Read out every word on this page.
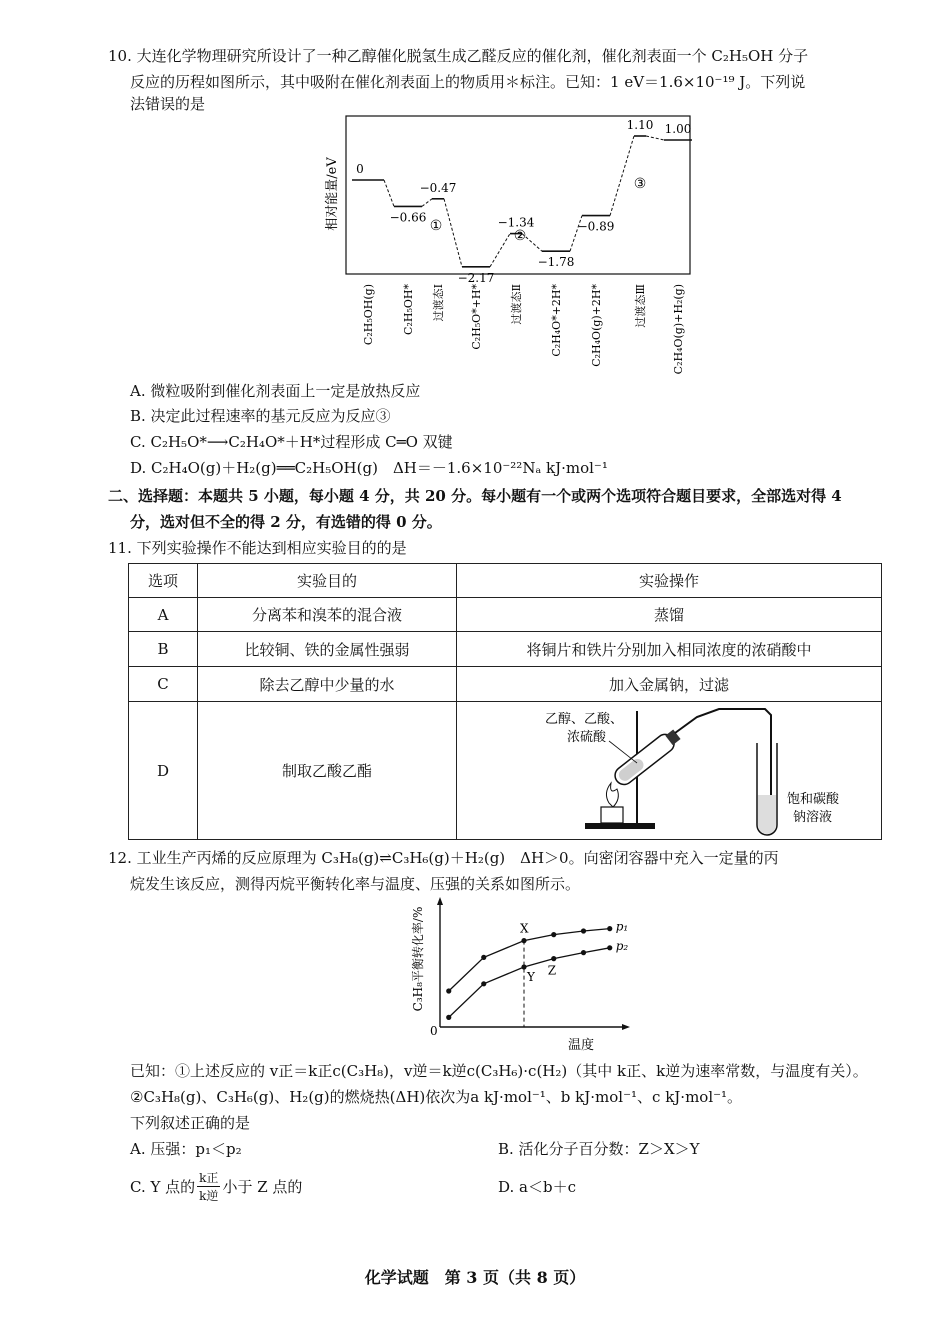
10. 大连化学物理研究所设计了一种乙醇催化脱氢生成乙醛反应的催化剂，催化剂表面一个 C₂H₅OH 分子
反应的历程如图所示，其中吸附在催化剂表面上的物质用＊标注。已知：1 eV＝1.6×10⁻¹⁹ J。下列说
法错误的是
相对能量/eV 0
−0.66
−0.47
−2.17
−1.34
−1.78
−0.89
1.10 1.00
①
②
③
C₂H₅OH(g) C₂H₅OH* 过渡态Ⅰ C₂H₅O*+H* 过渡态Ⅱ C₂H₄O*+2H* C₂H₄O(g)+2H*	过渡态Ⅲ C₂H₄O(g)+H₂(g)
A. 微粒吸附到催化剂表面上一定是放热反应
B. 决定此过程速率的基元反应为反应③
C. C₂H₅O*⟶C₂H₄O*＋H*过程形成 C═O 双键
D. C₂H₄O(g)＋H₂(g)══C₂H₅OH(g)　ΔH＝－1.6×10⁻²²Nₐ kJ·mol⁻¹
二、选择题：本题共 5 小题，每小题 4 分，共 20 分。每小题有一个或两个选项符合题目要求，全部选对得 4
分，选对但不全的得 2 分，有选错的得 0 分。
11. 下列实验操作不能达到相应实验目的的是
选项	实验目的	实验操作
A	分离苯和溴苯的混合液	蒸馏
B	比较铜、铁的金属性强弱	将铜片和铁片分别加入相同浓度的浓硝酸中
C	除去乙醇中少量的水	加入金属钠，过滤
D	制取乙酸乙酯	乙醇、乙酸、
浓硫酸
饱和碳酸
钠溶液
12. 工业生产丙烯的反应原理为 C₃H₈(g)⇌C₃H₆(g)＋H₂(g)　ΔH＞0。向密闭容器中充入一定量的丙
烷发生该反应，测得丙烷平衡转化率与温度、压强的关系如图所示。
C₃H₈平衡转化率/%
0
温度
p₁
p₂
X
Y Z
已知：①上述反应的 v正＝k正c(C₃H₈)，v逆＝k逆c(C₃H₆)·c(H₂)（其中 k正、k逆为速率常数，与温度有关）。
②C₃H₈(g)、C₃H₆(g)、H₂(g)的燃烧热(ΔH)依次为a kJ·mol⁻¹、b kJ·mol⁻¹、c kJ·mol⁻¹。
下列叙述正确的是
A. 压强：p₁＜p₂	B. 活化分子百分数：Z＞X＞Y
C. Y 点的 k正
k逆 小于 Z 点的	D. a＜b＋c
化学试题　第 3 页（共 8 页）
